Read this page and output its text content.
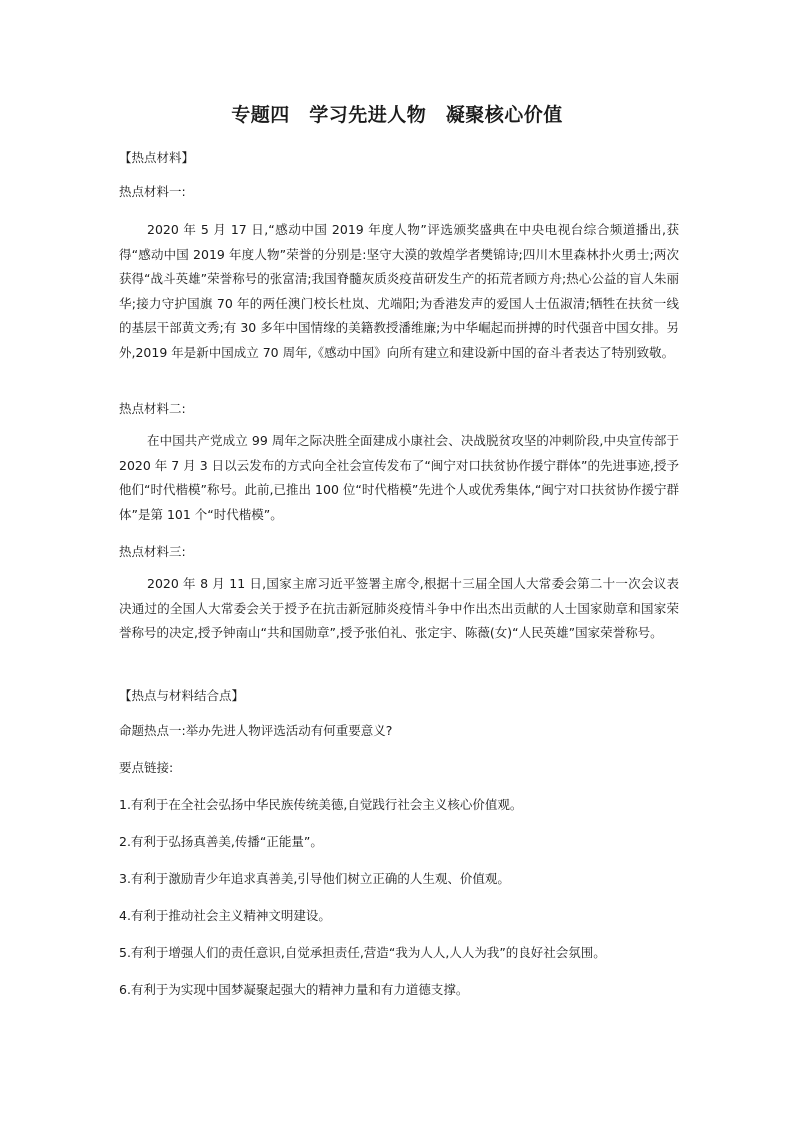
专题四　学习先进人物　凝聚核心价值

【热点材料】

热点材料一:

2020 年 5 月 17 日,“感动中国 2019 年度人物”评选颁奖盛典在中央电视台综合频道播出,获得“感动中国 2019 年度人物”荣誉的分别是:坚守大漠的敦煌学者樊锦诗;四川木里森林扑火勇士;两次获得“战斗英雄”荣誉称号的张富清;我国脊髓灰质炎疫苗研发生产的拓荒者顾方舟;热心公益的盲人朱丽华;接力守护国旗 70 年的两任澳门校长杜岚、尤端阳;为香港发声的爱国人士伍淑清;牺牲在扶贫一线的基层干部黄文秀;有 30 多年中国情缘的美籍教授潘维廉;为中华崛起而拼搏的时代强音中国女排。另外,2019 年是新中国成立 70 周年,《感动中国》向所有建立和建设新中国的奋斗者表达了特别致敬。

热点材料二:

在中国共产党成立 99 周年之际决胜全面建成小康社会、决战脱贫攻坚的冲刺阶段,中央宣传部于 2020 年 7 月 3 日以云发布的方式向全社会宣传发布了“闽宁对口扶贫协作援宁群体”的先进事迹,授予他们“时代楷模”称号。此前,已推出 100 位“时代楷模”先进个人或优秀集体,“闽宁对口扶贫协作援宁群体”是第 101 个“时代楷模”。

热点材料三:

2020 年 8 月 11 日,国家主席习近平签署主席令,根据十三届全国人大常委会第二十一次会议表决通过的全国人大常委会关于授予在抗击新冠肺炎疫情斗争中作出杰出贡献的人士国家勋章和国家荣誉称号的决定,授予钟南山“共和国勋章”,授予张伯礼、张定宇、陈薇(女)“人民英雄”国家荣誉称号。

【热点与材料结合点】

命题热点一:举办先进人物评选活动有何重要意义?

要点链接:

1.有利于在全社会弘扬中华民族传统美德,自觉践行社会主义核心价值观。

2.有利于弘扬真善美,传播“正能量”。

3.有利于激励青少年追求真善美,引导他们树立正确的人生观、价值观。

4.有利于推动社会主义精神文明建设。

5.有利于增强人们的责任意识,自觉承担责任,营造“我为人人,人人为我”的良好社会氛围。

6.有利于为实现中国梦凝聚起强大的精神力量和有力道德支撑。
